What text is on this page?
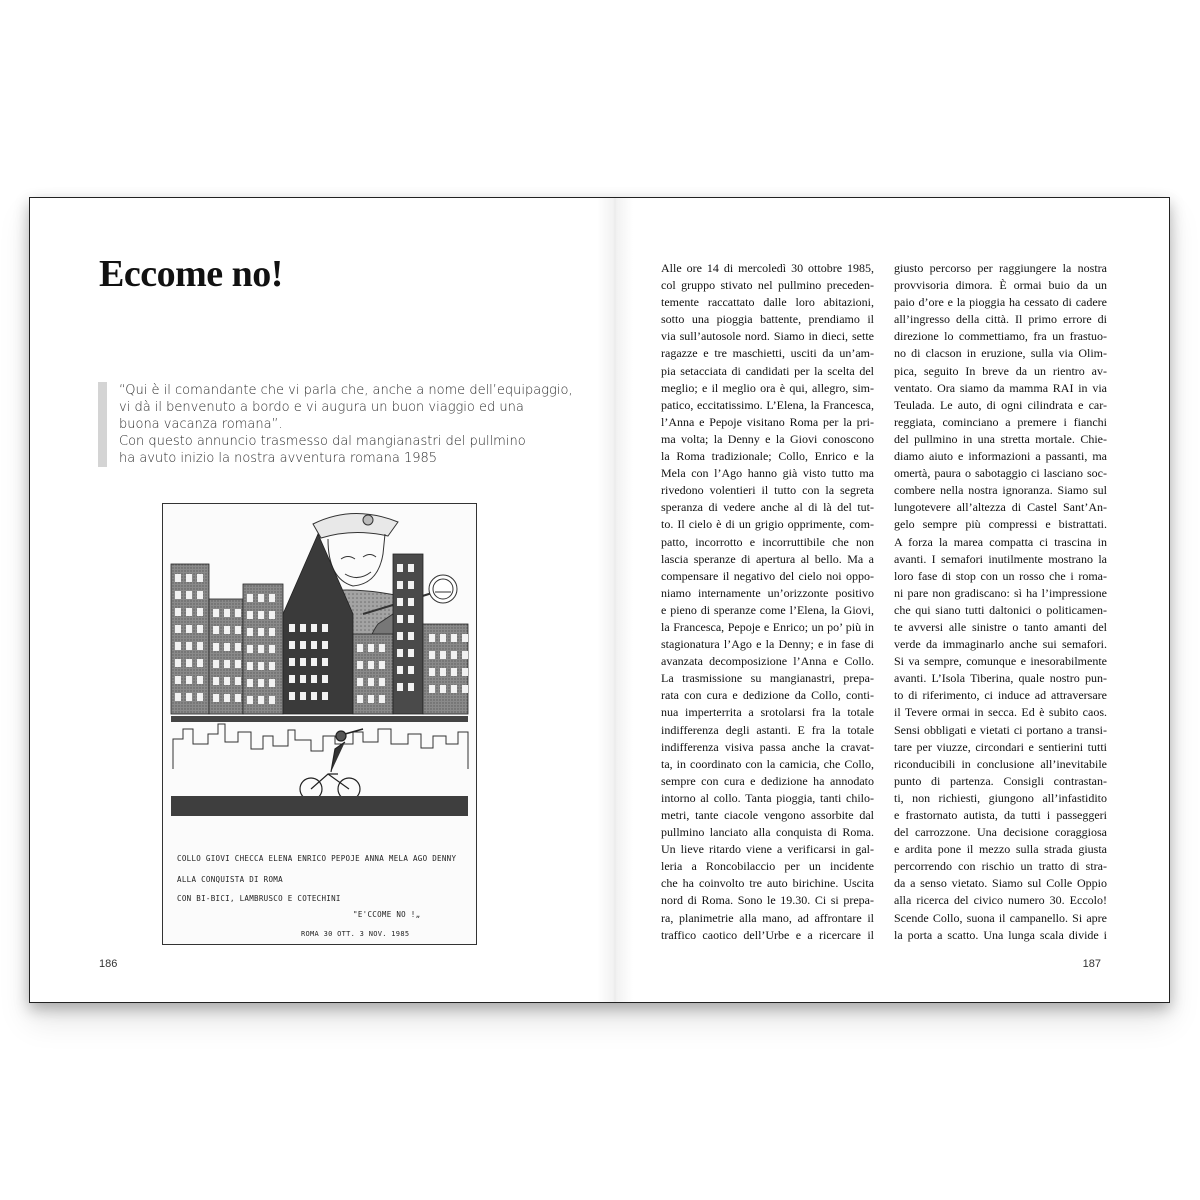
Eccome no!
“Qui è il comandante che vi parla che, anche a nome dell’equipaggio,
vi dà il benvenuto a bordo e vi augura un buon viaggio ed una
buona vacanza romana”.
Con questo annuncio trasmesso dal mangianastri del pullmino
ha avuto inizio la nostra avventura romana 1985
COLLO GIOVI CHECCA ELENA ENRICO PEPOJE ANNA MELA AGO DENNY
ALLA CONQUISTA DI ROMA
CON BI-BICI, LAMBRUSCO E COTECHINI
"E'CCOME NO !„
ROMA 30 OTT. 3 NOV. 1985
186
Alle ore 14 di mercoledì 30 ottobre 1985,
col gruppo stivato nel pullmino preceden-
temente raccattato dalle loro abitazioni,
sotto una pioggia battente, prendiamo il
via sull’autosole nord. Siamo in dieci, sette
ragazze e tre maschietti, usciti da un’am-
pia setacciata di candidati per la scelta del
meglio; e il meglio ora è qui, allegro, sim-
patico, eccitatissimo. L’Elena, la Francesca,
l’Anna e Pepoje visitano Roma per la pri-
ma volta; la Denny e la Giovi conoscono
la Roma tradizionale; Collo, Enrico e la
Mela con l’Ago hanno già visto tutto ma
rivedono volentieri il tutto con la segreta
speranza di vedere anche al di là del tut-
to. Il cielo è di un grigio opprimente, com-
patto, incorrotto e incorruttibile che non
lascia speranze di apertura al bello. Ma a
compensare il negativo del cielo noi oppo-
niamo internamente un’orizzonte positivo
e pieno di speranze come l’Elena, la Giovi,
la Francesca, Pepoje e Enrico; un po’ più in
stagionatura l’Ago e la Denny; e in fase di
avanzata decomposizione l’Anna e Collo.
La trasmissione su mangianastri, prepa-
rata con cura e dedizione da Collo, conti-
nua imperterrita a srotolarsi fra la totale
indifferenza degli astanti. E fra la totale
indifferenza visiva passa anche la cravat-
ta, in coordinato con la camicia, che Collo,
sempre con cura e dedizione ha annodato
intorno al collo. Tanta pioggia, tanti chilo-
metri, tante ciacole vengono assorbite dal
pullmino lanciato alla conquista di Roma.
Un lieve ritardo viene a verificarsi in gal-
leria a Roncobilaccio per un incidente
che ha coinvolto tre auto birichine. Uscita
nord di Roma. Sono le 19.30. Ci si prepa-
ra, planimetrie alla mano, ad affrontare il
traffico caotico dell’Urbe e a ricercare il
giusto percorso per raggiungere la nostra
provvisoria dimora. È ormai buio da un
paio d’ore e la pioggia ha cessato di cadere
all’ingresso della città. Il primo errore di
direzione lo commettiamo, fra un frastuo-
no di clacson in eruzione, sulla via Olim-
pica, seguito In breve da un rientro av-
ventato. Ora siamo da mamma RAI in via
Teulada. Le auto, di ogni cilindrata e car-
reggiata, cominciano a premere i fianchi
del pullmino in una stretta mortale. Chie-
diamo aiuto e informazioni a passanti, ma
omertà, paura o sabotaggio ci lasciano soc-
combere nella nostra ignoranza. Siamo sul
lungotevere all’altezza di Castel Sant’An-
gelo sempre più compressi e bistrattati.
A forza la marea compatta ci trascina in
avanti. I semafori inutilmente mostrano la
loro fase di stop con un rosso che i roma-
ni pare non gradiscano: sì ha l’impressione
che qui siano tutti daltonici o politicamen-
te avversi alle sinistre o tanto amanti del
verde da immaginarlo anche sui semafori.
Si va sempre, comunque e inesorabilmente
avanti. L’Isola Tiberina, quale nostro pun-
to di riferimento, ci induce ad attraversare
il Tevere ormai in secca. Ed è subito caos.
Sensi obbligati e vietati ci portano a transi-
tare per viuzze, circondari e sentierini tutti
riconducibili in conclusione all’inevitabile
punto di partenza. Consigli contrastan-
ti, non richiesti, giungono all’infastidito
e frastornato autista, da tutti i passeggeri
del carrozzone. Una decisione coraggiosa
e ardita pone il mezzo sulla strada giusta
percorrendo con rischio un tratto di stra-
da a senso vietato. Siamo sul Colle Oppio
alla ricerca del civico numero 30. Eccolo!
Scende Collo, suona il campanello. Si apre
la porta a scatto. Una lunga scala divide i
187
